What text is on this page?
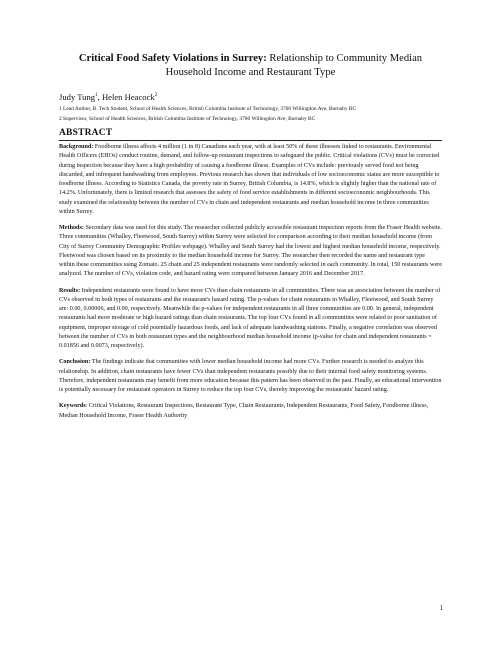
Critical Food Safety Violations in Surrey: Relationship to Community Median Household Income and Restaurant Type

Judy Tung$^1$, Helen Heacock$^2$
1 Lead Author, B. Tech Student, School of Health Sciences, British Columbia Institute of Technology, 3700 Willingdon Ave, Burnaby BC
2 Supervisor, School of Health Sciences, British Columbia Institute of Technology, 3700 Willingdon Ave, Burnaby BC
ABSTRACT

Background: Foodborne illness affects 4 million (1 in 8) Canadians each year, with at least 50% of these illnesses linked to restaurants. Environmental Health Officers (EHOs) conduct routine, demand, and follow-up restaurant inspections to safeguard the public. Critical violations (CVs) must be corrected during inspection because they have a high probability of causing a foodborne illness. Examples of CVs include: previously served food not being discarded, and infrequent handwashing from employees. Previous research has shown that individuals of low socioeconomic status are more susceptible to foodborne illness. According to Statistics Canada, the poverty rate in Surrey, British Columbia, is 14.8%, which is slightly higher than the national rate of 14.2%. Unfortunately, there is limited research that assesses the safety of food service establishments in different socioeconomic neighbourhoods. This study examined the relationship between the number of CVs in chain and independent restaurants and median household income in three communities within Surrey.

Methods: Secondary data was used for this study. The researcher collected publicly accessible restaurant inspection reports from the Fraser Health website. Three communities (Whalley, Fleetwood, South Surrey) within Surrey were selected for comparison according to their median household income (from City of Surrey Community Demographic Profiles webpage). Whalley and South Surrey had the lowest and highest median household income, respectively. Fleetwood was chosen based on its proximity to the median household income for Surrey. The researcher then recorded the name and restaurant type within these communities using Zomato. 25 chain and 25 independent restaurants were randomly selected in each community. In total, 150 restaurants were analyzed. The number of CVs, violation code, and hazard rating were compared between January 2016 and December 2017.

Results: Independent restaurants were found to have more CVs than chain restaurants in all communities. There was an association between the number of CVs observed in both types of restaurants and the restaurant's hazard rating. The p-values for chain restaurants in Whalley, Fleetwood, and South Surrey are: 0.00, 0.00006, and 0.00, respectively. Meanwhile the p-values for independent restaurants in all three communities are 0.00. In general, independent restaurants had more moderate or high hazard ratings than chain restaurants. The top four CVs found in all communities were related to poor sanitation of equipment, improper storage of cold potentially hazardous foods, and lack of adequate handwashing stations. Finally, a negative correlation was observed between the number of CVs in both restaurant types and the neighbourhood median household income (p-value for chain and independent restaurants = 0.01856 and 0.0073, respectively).

Conclusion: The findings indicate that communities with lower median household income had more CVs. Further research is needed to analyze this relationship. In addition, chain restaurants have fewer CVs than independent restaurants possibly due to their internal food safety monitoring systems. Therefore, independent restaurants may benefit from more education because this pattern has been observed in the past. Finally, an educational intervention is potentially necessary for restaurant operators in Surrey to reduce the top four CVs, thereby improving the restaurants' hazard rating.

Keywords: Critical Violations, Restaurant Inspections, Restaurant Type, Chain Restaurants, Independent Restaurants, Food Safety, Foodborne illness, Median Household Income, Fraser Health Authority

1
